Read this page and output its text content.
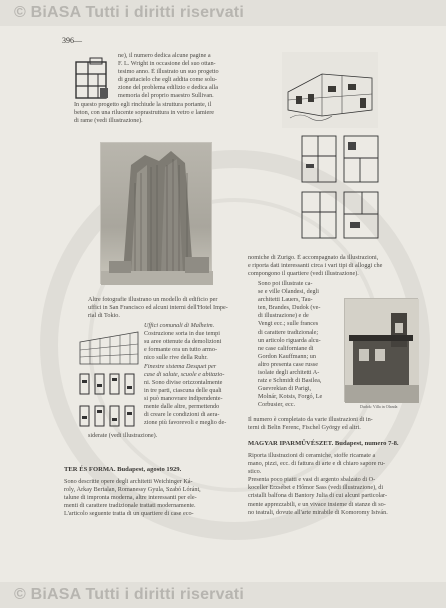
© BiASA Tutti i diritti riservati
© BiASA Tutti i diritti riservati
396—
ne), il numero dedica alcune pagine a
F. L. Wright in occasione del suo ottan-
tesimo anno. È illustrato un suo progetto
di grattacielo che egli addita come solu-
zione del problema edilizio e dedica alla
memoria del proprio maestro Sullivan.
In questo progetto egli rinchiude la struttura portante, il
beton, con una rilucente soprastruttura in vetro e lamiere
di rame (vedi illustrazione).
Altre fotografie illustrano un modello di edificio per
uffici in San Francisco ed alcuni interni dell'Hotel Impe-
rial di Tokio.
Uffici comunali di Malheim.
Costruzione sorta in due tempi
su aree ottenute da demolizioni
e formante ora un tutto armo-
nico sulle rive della Ruhr.
Finestre sistema Desquet per
case di salute, scuole e abitazio-
ni. Sono divise orizzontalmente
in tre parti, ciascuna delle quali
si può manovrare indipendente-
mente dalle altre, permettendo
di creare le condizioni di aera-
zione più favorevoli e meglio de-
siderate (vedi illustrazione).
TER ÉS FORMA. Budapest, agosto 1929.
Sono descritte opere degli architetti Weichinger Ká-
roly, Árkay Bertalan, Romanessy Gyula, Szabó Lóránt,
talune di impronta moderna, altre interessanti per ele-
menti di carattere tradizionale trattati modernamente.
L'articolo seguente tratta di un quartiere di case eco-
nomiche di Zurigo. È accompagnato da illustrazioni,
e riporta dati interessanti circa i vari tipi di alloggi che
compongono il quartiere (vedi illustrazione).
Sono poi illustrate ca-
se e ville Olandesi, degli
architetti Lauers, Tau-
ten, Brandes, Dudok (ve-
di illustrazione) e de
Vengt ecc.; sulle frances
di carattere tradizionale;
un articolo riguarda alcu-
ne case californiane di
Gordon Kauffmann; un
altro presenta case russe
isolate degli architetti A-
ratz e Schmidt di Basilea,
Guevrekian di Parigi,
Molnár, Kotsis, Forgó, Le
Corbusier, ecc.	Dudok: Villa in Olanda
Il numero è completato da varie illustrazioni di in-
terni di Belin Ferenc, Fischel György ed altri.
MAGYAR IPARMŰVÉSZET. Budapest, numero 7-8.
Riporta illustrazioni di ceramiche, stoffe ricamate a
mano, pizzi, ecc. di fattura di arte e di chiaro sapore ru-
stico.
Presenta poco piatti e vasi di argento sbalzato di O-
koceller Erzsébet e Hőmor Sass (vedi illustrazione), di
cristalli balfona di Bantory Julia di cui alcuni particolar-
mente apprezzabili, e un vivace insieme di stanze di so-
no teatrali, dovute all'arte mirabile di Komoromy István.
